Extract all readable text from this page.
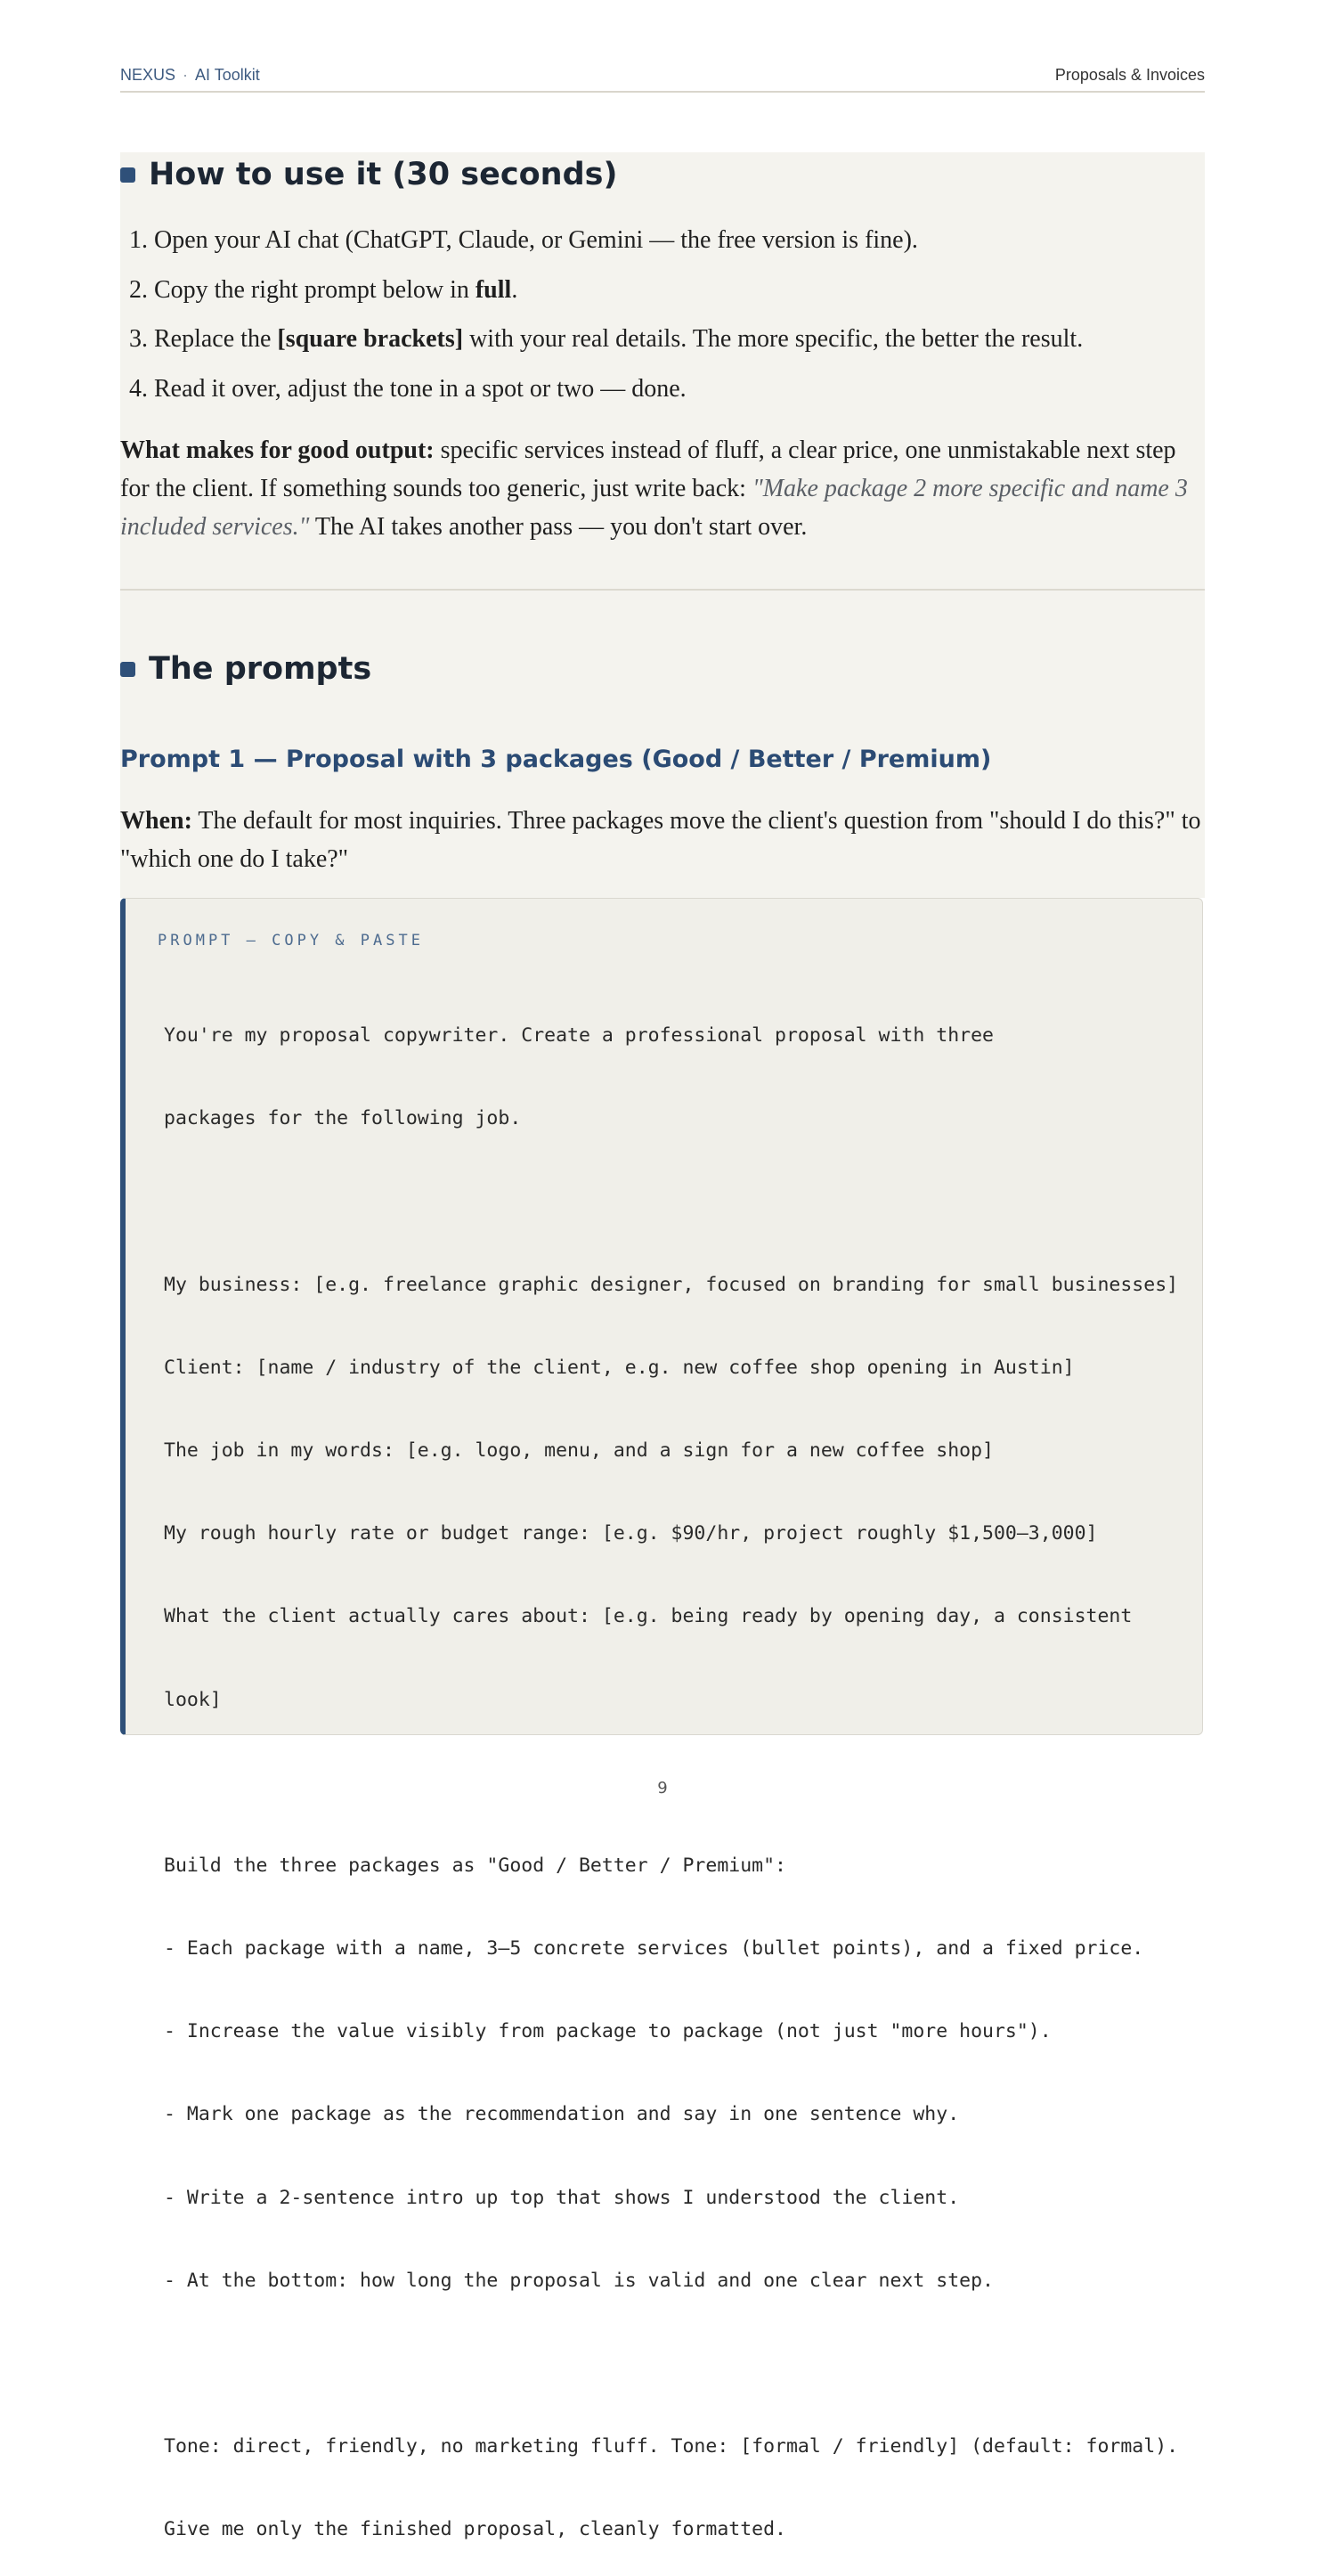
NEXUS · AI Toolkit	Proposals & Invoices
How to use it (30 seconds)
1. Open your AI chat (ChatGPT, Claude, or Gemini — the free version is fine).
2. Copy the right prompt below in full.
3. Replace the [square brackets] with your real details. The more specific, the better the result.
4. Read it over, adjust the tone in a spot or two — done.

What makes for good output: specific services instead of fluff, a clear price, one unmistakable next step for the client. If something sounds too generic, just write back: "Make package 2 more specific and name 3 included services." The AI takes another pass — you don't start over.

The prompts
Prompt 1 — Proposal with 3 packages (Good / Better / Premium)

When: The default for most inquiries. Three packages move the client's question from "should I do this?" to "which one do I take?"

PROMPT — COPY & PASTE

You're my proposal copywriter. Create a professional proposal with three

packages for the following job.

My business: [e.g. freelance graphic designer, focused on branding for small businesses]

Client: [name / industry of the client, e.g. new coffee shop opening in Austin]

The job in my words: [e.g. logo, menu, and a sign for a new coffee shop]

My rough hourly rate or budget range: [e.g. $90/hr, project roughly $1,500–3,000]

What the client actually cares about: [e.g. being ready by opening day, a consistent

look]

Build the three packages as "Good / Better / Premium":

- Each package with a name, 3–5 concrete services (bullet points), and a fixed price.

- Increase the value visibly from package to package (not just "more hours").

- Mark one package as the recommendation and say in one sentence why.

- Write a 2-sentence intro up top that shows I understood the client.

- At the bottom: how long the proposal is valid and one clear next step.

Tone: direct, friendly, no marketing fluff. Tone: [formal / friendly] (default: formal).

Give me only the finished proposal, cleanly formatted.

9
